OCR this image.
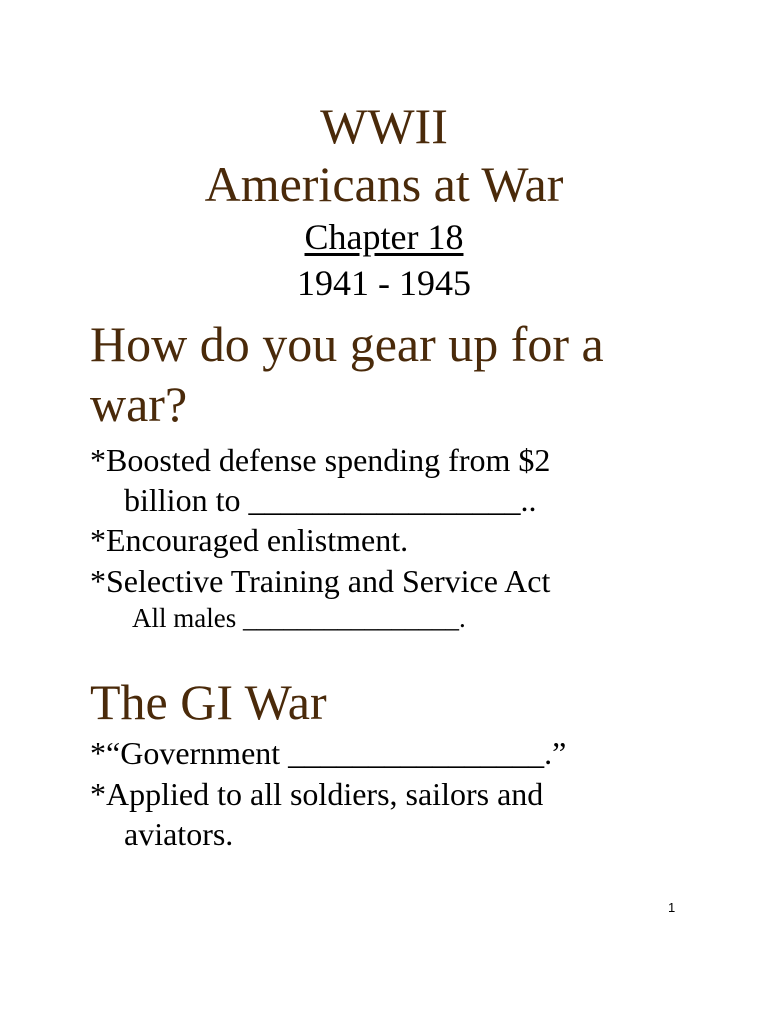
WWII
Americans at War
Chapter 18
1941 - 1945
How do you gear up for a war?
*Boosted defense spending from $2
billion to _________________..
*Encouraged enlistment.
*Selective Training and Service Act
All males ________________.
The GI War
*“Government ________________.”
*Applied to all soldiers, sailors and
aviators.
1
